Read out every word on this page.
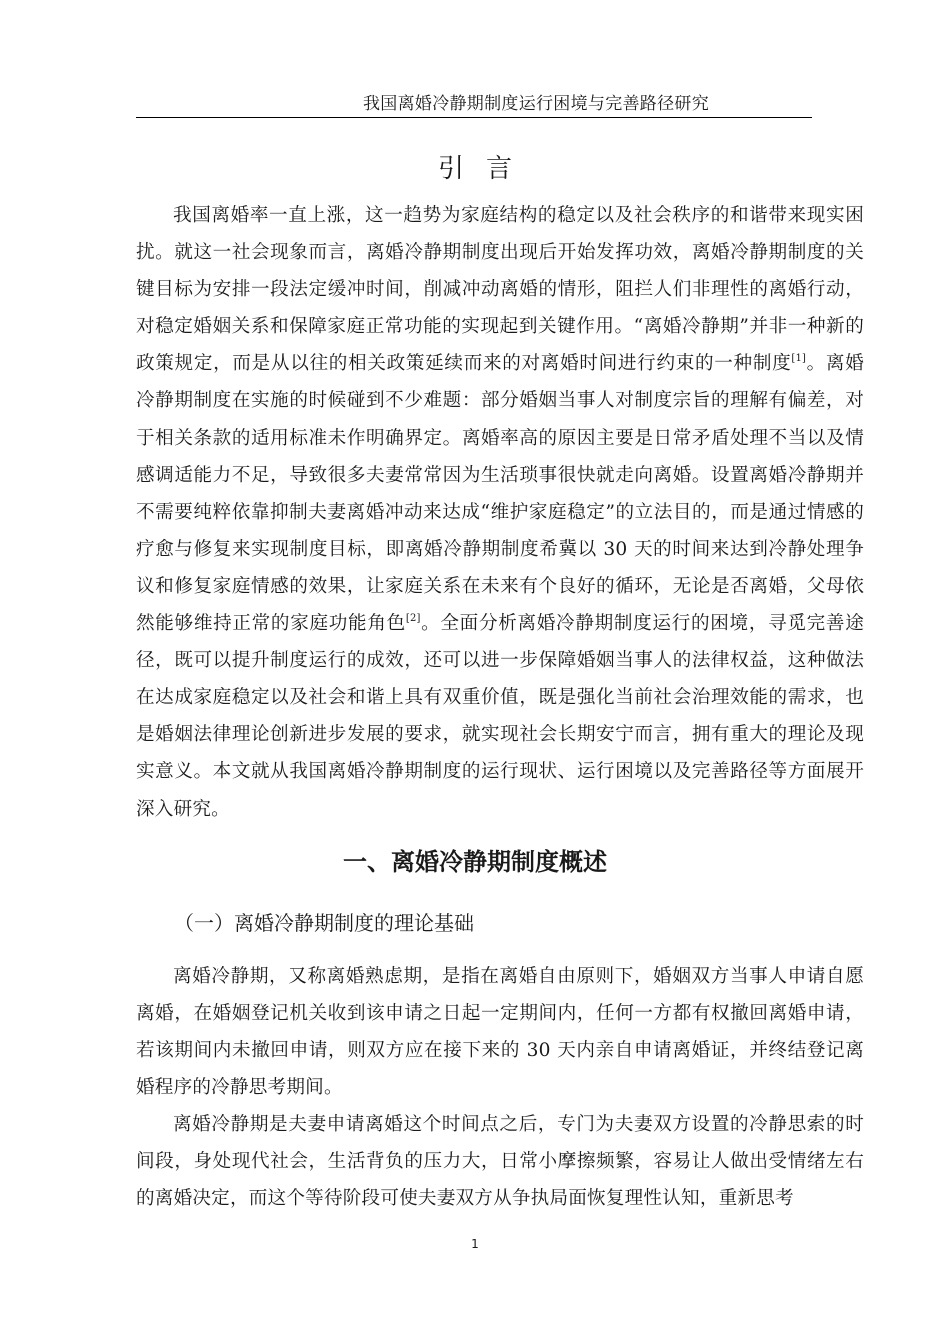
我国离婚冷静期制度运行困境与完善路径研究
引言
我国离婚率一直上涨，这一趋势为家庭结构的稳定以及社会秩序的和谐带来现实困扰。就这一社会现象而言，离婚冷静期制度出现后开始发挥功效，离婚冷静期制度的关键目标为安排一段法定缓冲时间，削减冲动离婚的情形，阻拦人们非理性的离婚行动，对稳定婚姻关系和保障家庭正常功能的实现起到关键作用。“离婚冷静期”并非一种新的政策规定，而是从以往的相关政策延续而来的对离婚时间进行约束的一种制度[1]。离婚冷静期制度在实施的时候碰到不少难题：部分婚姻当事人对制度宗旨的理解有偏差，对于相关条款的适用标准未作明确界定。离婚率高的原因主要是日常矛盾处理不当以及情感调适能力不足，导致很多夫妻常常因为生活琐事很快就走向离婚。设置离婚冷静期并不需要纯粹依靠抑制夫妻离婚冲动来达成“维护家庭稳定”的立法目的，而是通过情感的疗愈与修复来实现制度目标，即离婚冷静期制度希冀以 30 天的时间来达到冷静处理争议和修复家庭情感的效果，让家庭关系在未来有个良好的循环，无论是否离婚，父母依然能够维持正常的家庭功能角色[2]。全面分析离婚冷静期制度运行的困境，寻觅完善途径，既可以提升制度运行的成效，还可以进一步保障婚姻当事人的法律权益，这种做法在达成家庭稳定以及社会和谐上具有双重价值，既是强化当前社会治理效能的需求，也是婚姻法律理论创新进步发展的要求，就实现社会长期安宁而言，拥有重大的理论及现实意义。本文就从我国离婚冷静期制度的运行现状、运行困境以及完善路径等方面展开深入研究。
一、离婚冷静期制度概述
（一）离婚冷静期制度的理论基础
离婚冷静期，又称离婚熟虑期，是指在离婚自由原则下，婚姻双方当事人申请自愿离婚，在婚姻登记机关收到该申请之日起一定期间内，任何一方都有权撤回离婚申请，若该期间内未撤回申请，则双方应在接下来的 30 天内亲自申请离婚证，并终结登记离婚程序的冷静思考期间。
离婚冷静期是夫妻申请离婚这个时间点之后，专门为夫妻双方设置的冷静思索的时间段，身处现代社会，生活背负的压力大，日常小摩擦频繁，容易让人做出受情绪左右的离婚决定，而这个等待阶段可使夫妻双方从争执局面恢复理性认知，重新思考
1
